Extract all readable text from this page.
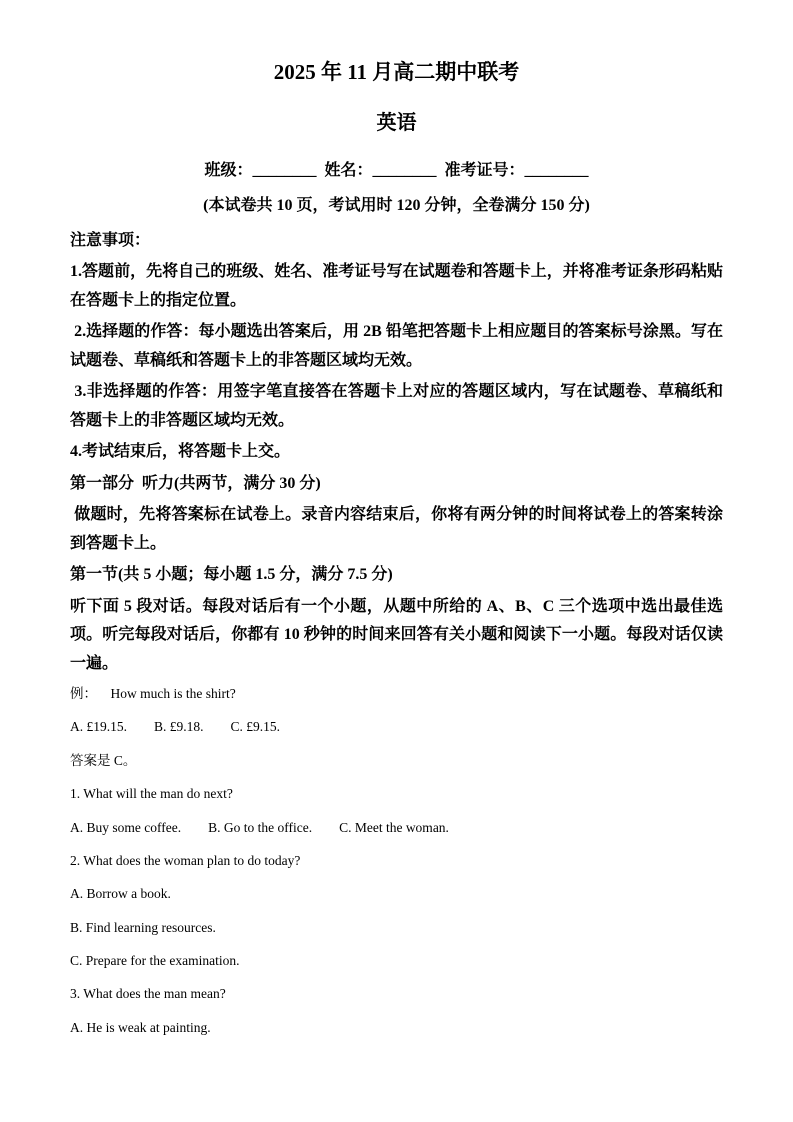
2025 年 11 月高二期中联考
英语
班级：________  姓名：________  准考证号：________
(本试卷共 10 页，考试用时 120 分钟，全卷满分 150 分)
注意事项：
1.答题前，先将自己的班级、姓名、准考证号写在试题卷和答题卡上，并将准考证条形码粘贴在答题卡上的指定位置。
2.选择题的作答：每小题选出答案后，用 2B 铅笔把答题卡上相应题目的答案标号涂黑。写在试题卷、草稿纸和答题卡上的非答题区域均无效。
3.非选择题的作答：用签字笔直接答在答题卡上对应的答题区域内，写在试题卷、草稿纸和答题卡上的非答题区域均无效。
4.考试结束后，将答题卡上交。
第一部分  听力(共两节，满分 30 分)
做题时，先将答案标在试卷上。录音内容结束后，你将有两分钟的时间将试卷上的答案转涂到答题卡上。
第一节(共 5 小题；每小题 1.5 分，满分 7.5 分)
听下面 5 段对话。每段对话后有一个小题，从题中所给的 A、B、C 三个选项中选出最佳选项。听完每段对话后，你都有 10 秒钟的时间来回答有关小题和阅读下一小题。每段对话仅读一遍。
例：    How much is the shirt?
A. £19.15.        B. £9.18.        C. £9.15.
答案是 C。
1. What will the man do next?
A. Buy some coffee.        B. Go to the office.        C. Meet the woman.
2. What does the woman plan to do today?
A. Borrow a book.
B. Find learning resources.
C. Prepare for the examination.
3. What does the man mean?
A. He is weak at painting.
